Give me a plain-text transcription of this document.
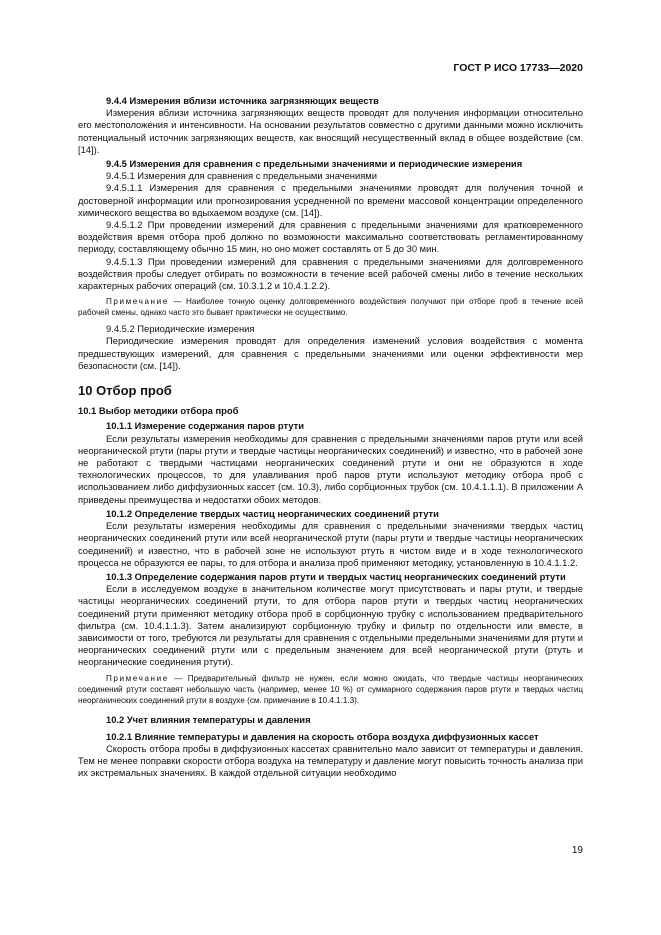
ГОСТ Р ИСО 17733—2020

9.4.4 Измерения вблизи источника загрязняющих веществ

Измерения вблизи источника загрязняющих веществ проводят для получения информации относительно его местоположения и интенсивности. На основании результатов совместно с другими данными можно исключить потенциальный источник загрязняющих веществ, как вносящий несущественный вклад в общее воздействие (см. [14]).

9.4.5 Измерения для сравнения с предельными значениями и периодические измерения

9.4.5.1 Измерения для сравнения с предельными значениями

9.4.5.1.1 Измерения для сравнения с предельными значениями проводят для получения точной и достоверной информации или прогнозирования усредненной по времени массовой концентрации определенного химического вещества во вдыхаемом воздухе (см. [14]).

9.4.5.1.2 При проведении измерений для сравнения с предельными значениями для кратковременного воздействия время отбора проб должно по возможности максимально соответствовать регламентированному периоду, составляющему обычно 15 мин, но оно может составлять от 5 до 30 мин.

9.4.5.1.3 При проведении измерений для сравнения с предельными значениями для долговременного воздействия пробы следует отбирать по возможности в течение всей рабочей смены либо в течение нескольких характерных рабочих операций (см. 10.3.1.2 и 10.4.1.2.2).

Примечание — Наиболее точную оценку долговременного воздействия получают при отборе проб в течение всей рабочей смены, однако часто это бывает практически не осуществимо.

9.4.5.2 Периодические измерения

Периодические измерения проводят для определения изменений условия воздействия с момента предшествующих измерений, для сравнения с предельными значениями или оценки эффективности мер безопасности (см. [14]).

10 Отбор проб

10.1 Выбор методики отбора проб

10.1.1 Измерение содержания паров ртути

Если результаты измерения необходимы для сравнения с предельными значениями паров ртути или всей неорганической ртути (пары ртути и твердые частицы неорганических соединений) и известно, что в рабочей зоне не работают с твердыми частицами неорганических соединений ртути и они не образуются в ходе технологических процессов, то для улавливания проб паров ртути используют методику отбора проб с использованием либо диффузионных кассет (см. 10.3), либо сорбционных трубок (см. 10.4.1.1.1). В приложении А приведены преимущества и недостатки обоих методов.

10.1.2 Определение твердых частиц неорганических соединений ртути

Если результаты измерения необходимы для сравнения с предельными значениями твердых частиц неорганических соединений ртути или всей неорганической ртути (пары ртути и твердые частицы неорганических соединений) и известно, что в рабочей зоне не используют ртуть в чистом виде и в ходе технологического процесса не образуются ее пары, то для отбора и анализа проб применяют методику, установленную в 10.4.1.1.2.

10.1.3 Определение содержания паров ртути и твердых частиц неорганических соединений ртути

Если в исследуемом воздухе в значительном количестве могут присутствовать и пары ртути, и твердые частицы неорганических соединений ртути, то для отбора паров ртути и твердых частиц неорганических соединений ртути применяют методику отбора проб в сорбционную трубку с использованием предварительного фильтра (см. 10.4.1.1.3). Затем анализируют сорбционную трубку и фильтр по отдельности или вместе, в зависимости от того, требуются ли результаты для сравнения с отдельными предельными значениями для ртути и неорганических соединений ртути или с предельным значением для всей неорганической ртути (ртуть и неорганические соединения ртути).

Примечание — Предварительный фильтр не нужен, если можно ожидать, что твердые частицы неорганических соединений ртути составят небольшую часть (например, менее 10 %) от суммарного содержания паров ртути и твердых частиц неорганических соединений ртути в воздухе (см. примечание в 10.4.1.1.3).

10.2 Учет влияния температуры и давления

10.2.1 Влияние температуры и давления на скорость отбора воздуха диффузионных кассет

Скорость отбора пробы в диффузионных кассетах сравнительно мало зависит от температуры и давления. Тем не менее поправки скорости отбора воздуха на температуру и давление могут повысить точность анализа при их экстремальных значениях. В каждой отдельной ситуации необходимо

19
